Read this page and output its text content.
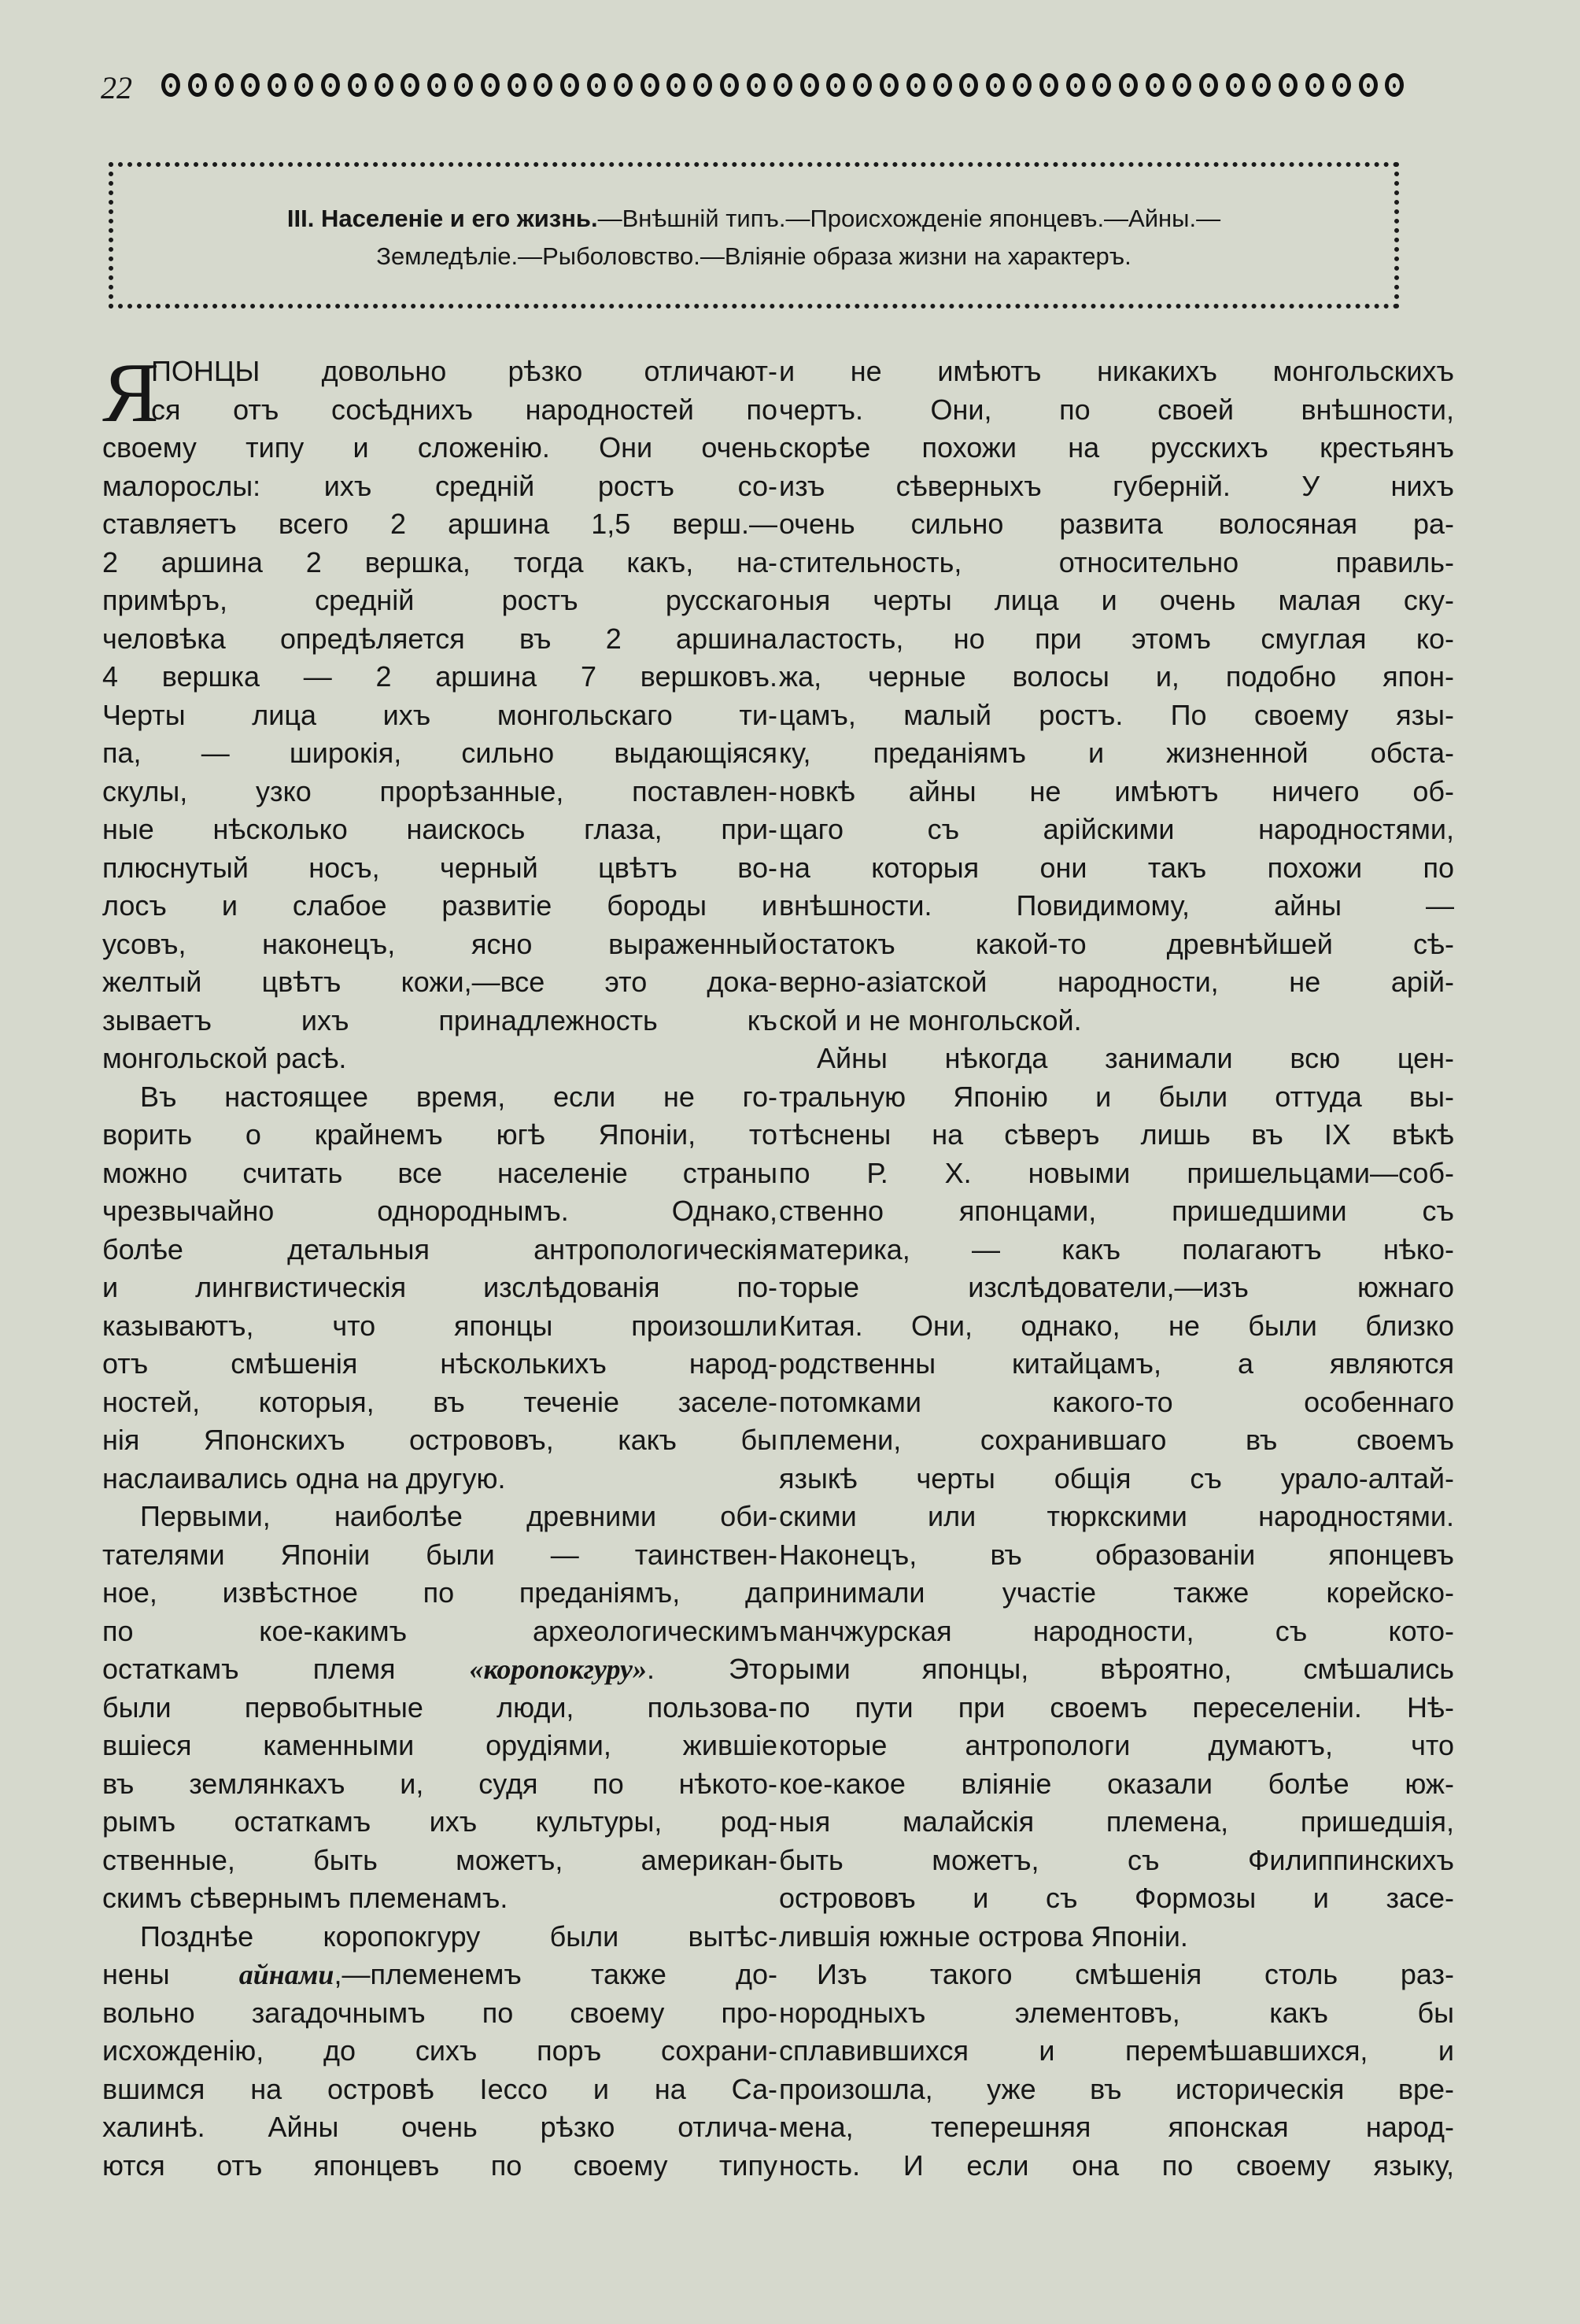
22
III. Населеніе и его жизнь.—Внѣшній типъ.—Происхожденіе японцевъ.—Айны.—
Земледѣліе.—Рыболовство.—Вліяніе образа жизни на характеръ.
Я
ПОНЦЫ довольно рѣзко отличают-
ся отъ сосѣднихъ народностей по
своему типу и сложенію. Они очень
малорослы: ихъ средній ростъ со-
ставляетъ всего 2 аршина 1,5 верш.—
2 аршина 2 вершка, тогда какъ, на-
примѣръ, средній ростъ русскаго
человѣка опредѣляется въ 2 аршина
4 вершка — 2 аршина 7 вершковъ.
Черты лица ихъ монгольскаго ти-
па, — широкія, сильно выдающіяся
скулы, узко прорѣзанные, поставлен-
ные нѣсколько наискось глаза, при-
плюснутый носъ, черный цвѣтъ во-
лосъ и слабое развитіе бороды и
усовъ, наконецъ, ясно выраженный
желтый цвѣтъ кожи,—все это дока-
зываетъ ихъ принадлежность къ
монгольской расѣ.
Въ настоящее время, если не го-
ворить о крайнемъ югѣ Японіи, то
можно считать все населеніе страны
чрезвычайно однороднымъ. Однако,
болѣе детальныя антропологическія
и лингвистическія изслѣдованія по-
казываютъ, что японцы произошли
отъ смѣшенія нѣсколькихъ народ-
ностей, которыя, въ теченіе заселе-
нія Японскихъ острововъ, какъ бы
наслаивались одна на другую.
Первыми, наиболѣе древними оби-
тателями Японіи были — таинствен-
ное, извѣстное по преданіямъ, да
по кое-какимъ археологическимъ
остаткамъ племя «коропокгуру». Это
были первобытные люди, пользова-
вшіеся каменными орудіями, жившіе
въ землянкахъ и, судя по нѣкото-
рымъ остаткамъ ихъ культуры, род-
ственные, быть можетъ, американ-
скимъ сѣвернымъ племенамъ.
Позднѣе коропокгуру были вытѣс-
нены айнами,—племенемъ также до-
вольно загадочнымъ по своему про-
исхожденію, до сихъ поръ сохрани-
вшимся на островѣ Іессо и на Са-
халинѣ. Айны очень рѣзко отлича-
ются отъ японцевъ по своему типу
и не имѣютъ никакихъ монгольскихъ
чертъ. Они, по своей внѣшности,
скорѣе похожи на русскихъ крестьянъ
изъ сѣверныхъ губерній. У нихъ
очень сильно развита волосяная ра-
стительность, относительно правиль-
ныя черты лица и очень малая ску-
ластость, но при этомъ смуглая ко-
жа, черные волосы и, подобно япон-
цамъ, малый ростъ. По своему язы-
ку, преданіямъ и жизненной обста-
новкѣ айны не имѣютъ ничего об-
щаго съ арійскими народностями,
на которыя они такъ похожи по
внѣшности. Повидимому, айны —
остатокъ какой-то древнѣйшей сѣ-
верно-азіатской народности, не арій-
ской и не монгольской.
Айны нѣкогда занимали всю цен-
тральную Японію и были оттуда вы-
тѣснены на сѣверъ лишь въ IX вѣкѣ
по Р. Х. новыми пришельцами—соб-
ственно японцами, пришедшими съ
материка, — какъ полагаютъ нѣко-
торые изслѣдователи,—изъ южнаго
Китая. Они, однако, не были близко
родственны китайцамъ, а являются
потомками какого-то особеннаго
племени, сохранившаго въ своемъ
языкѣ черты общія съ урало-алтай-
скими или тюркскими народностями.
Наконецъ, въ образованіи японцевъ
принимали участіе также корейско-
манчжурская народности, съ кото-
рыми японцы, вѣроятно, смѣшались
по пути при своемъ переселеніи. Нѣ-
которые антропологи думаютъ, что
кое-какое вліяніе оказали болѣе юж-
ныя малайскія племена, пришедшія,
быть можетъ, съ Филиппинскихъ
острововъ и съ Формозы и засе-
лившія южные острова Японіи.
Изъ такого смѣшенія столь раз-
нородныхъ элементовъ, какъ бы
сплавившихся и перемѣшавшихся, и
произошла, уже въ историческія вре-
мена, теперешняя японская народ-
ность. И если она по своему языку,
